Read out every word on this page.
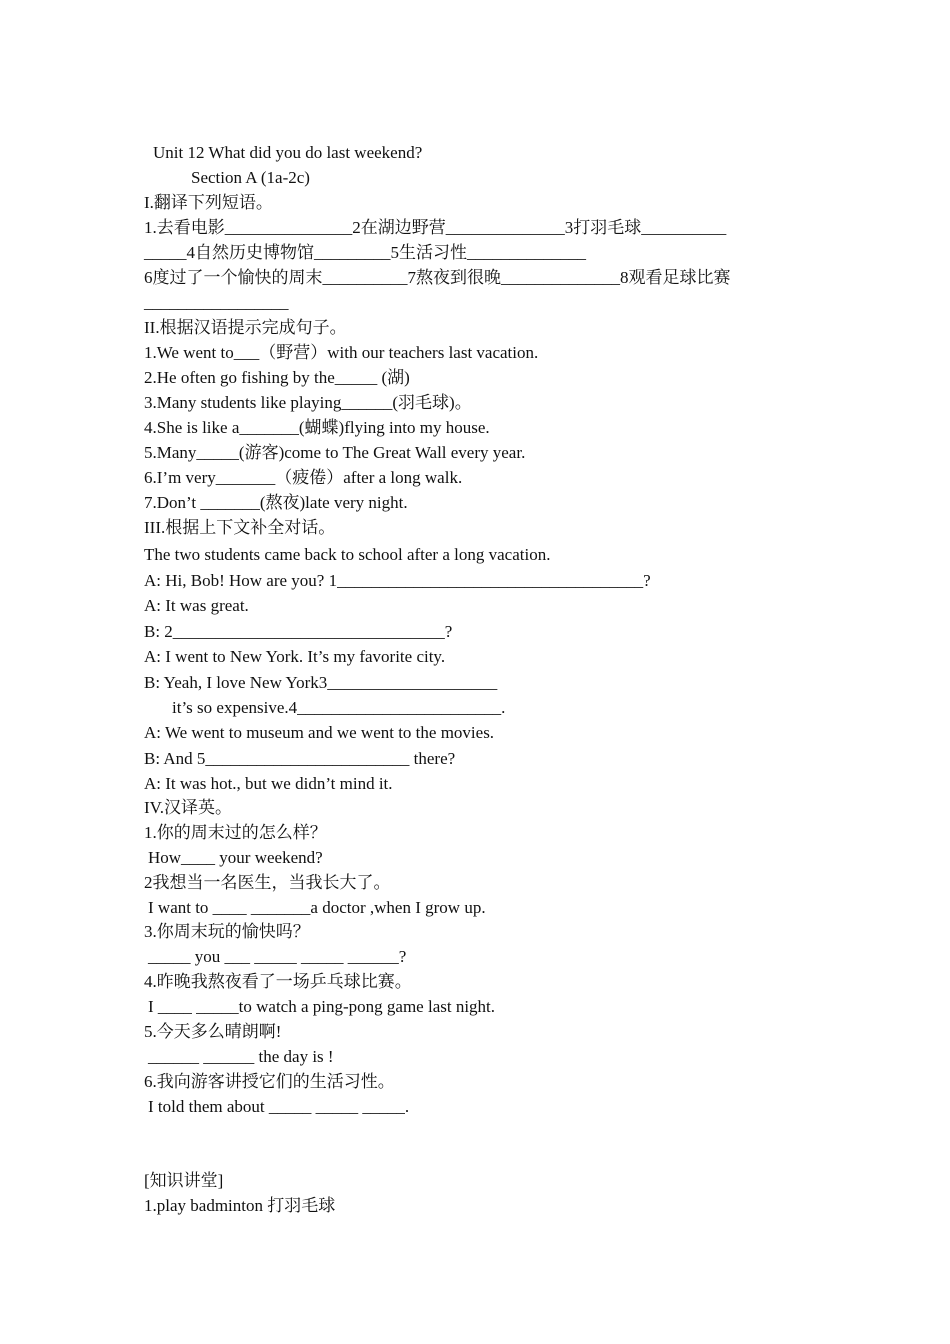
Unit 12 What did you do last weekend?
Section A (1a-2c)
I.翻译下列短语。
1.去看电影_______________2在湖边野营______________3打羽毛球__________
_____4自然历史博物馆_________5生活习性______________
6度过了一个愉快的周末__________7熬夜到很晚______________8观看足球比赛
_________________
II.根据汉语提示完成句子。
1.We went to___（野营）with our teachers last vacation.
2.He often go fishing by the_____ (湖)
3.Many students like playing______(羽毛球)。
4.She is like a_______(蝴蝶)flying into my house.
5.Many_____(游客)come to The Great Wall every year.
6.I’m very_______（疲倦）after a long walk.
7.Don’t _______(熬夜)late very night.
III.根据上下文补全对话。
The two students came back to school after a long vacation.
A: Hi, Bob! How are you? 1____________________________________?
A: It was great.
B: 2________________________________?
A: I went to New York. It’s my favorite city.
B: Yeah, I love New York3____________________
it’s so expensive.4________________________.
A: We went to museum and we went to the movies.
B: And 5________________________ there?
A: It was hot., but we didn’t mind it.
IV.汉译英。
1.你的周末过的怎么样？
How____ your weekend?
2我想当一名医生，当我长大了。
I want to ____ _______a doctor ,when I grow up.
3.你周末玩的愉快吗？
_____ you ___ _____ _____ ______?
4.昨晚我熬夜看了一场乒乓球比赛。
I ____ _____to watch a ping-pong game last night.
5.今天多么晴朗啊!
______ ______ the day is !
6.我向游客讲授它们的生活习性。
I told them about _____ _____ _____.
[知识讲堂]
1.play badminton 打羽毛球
